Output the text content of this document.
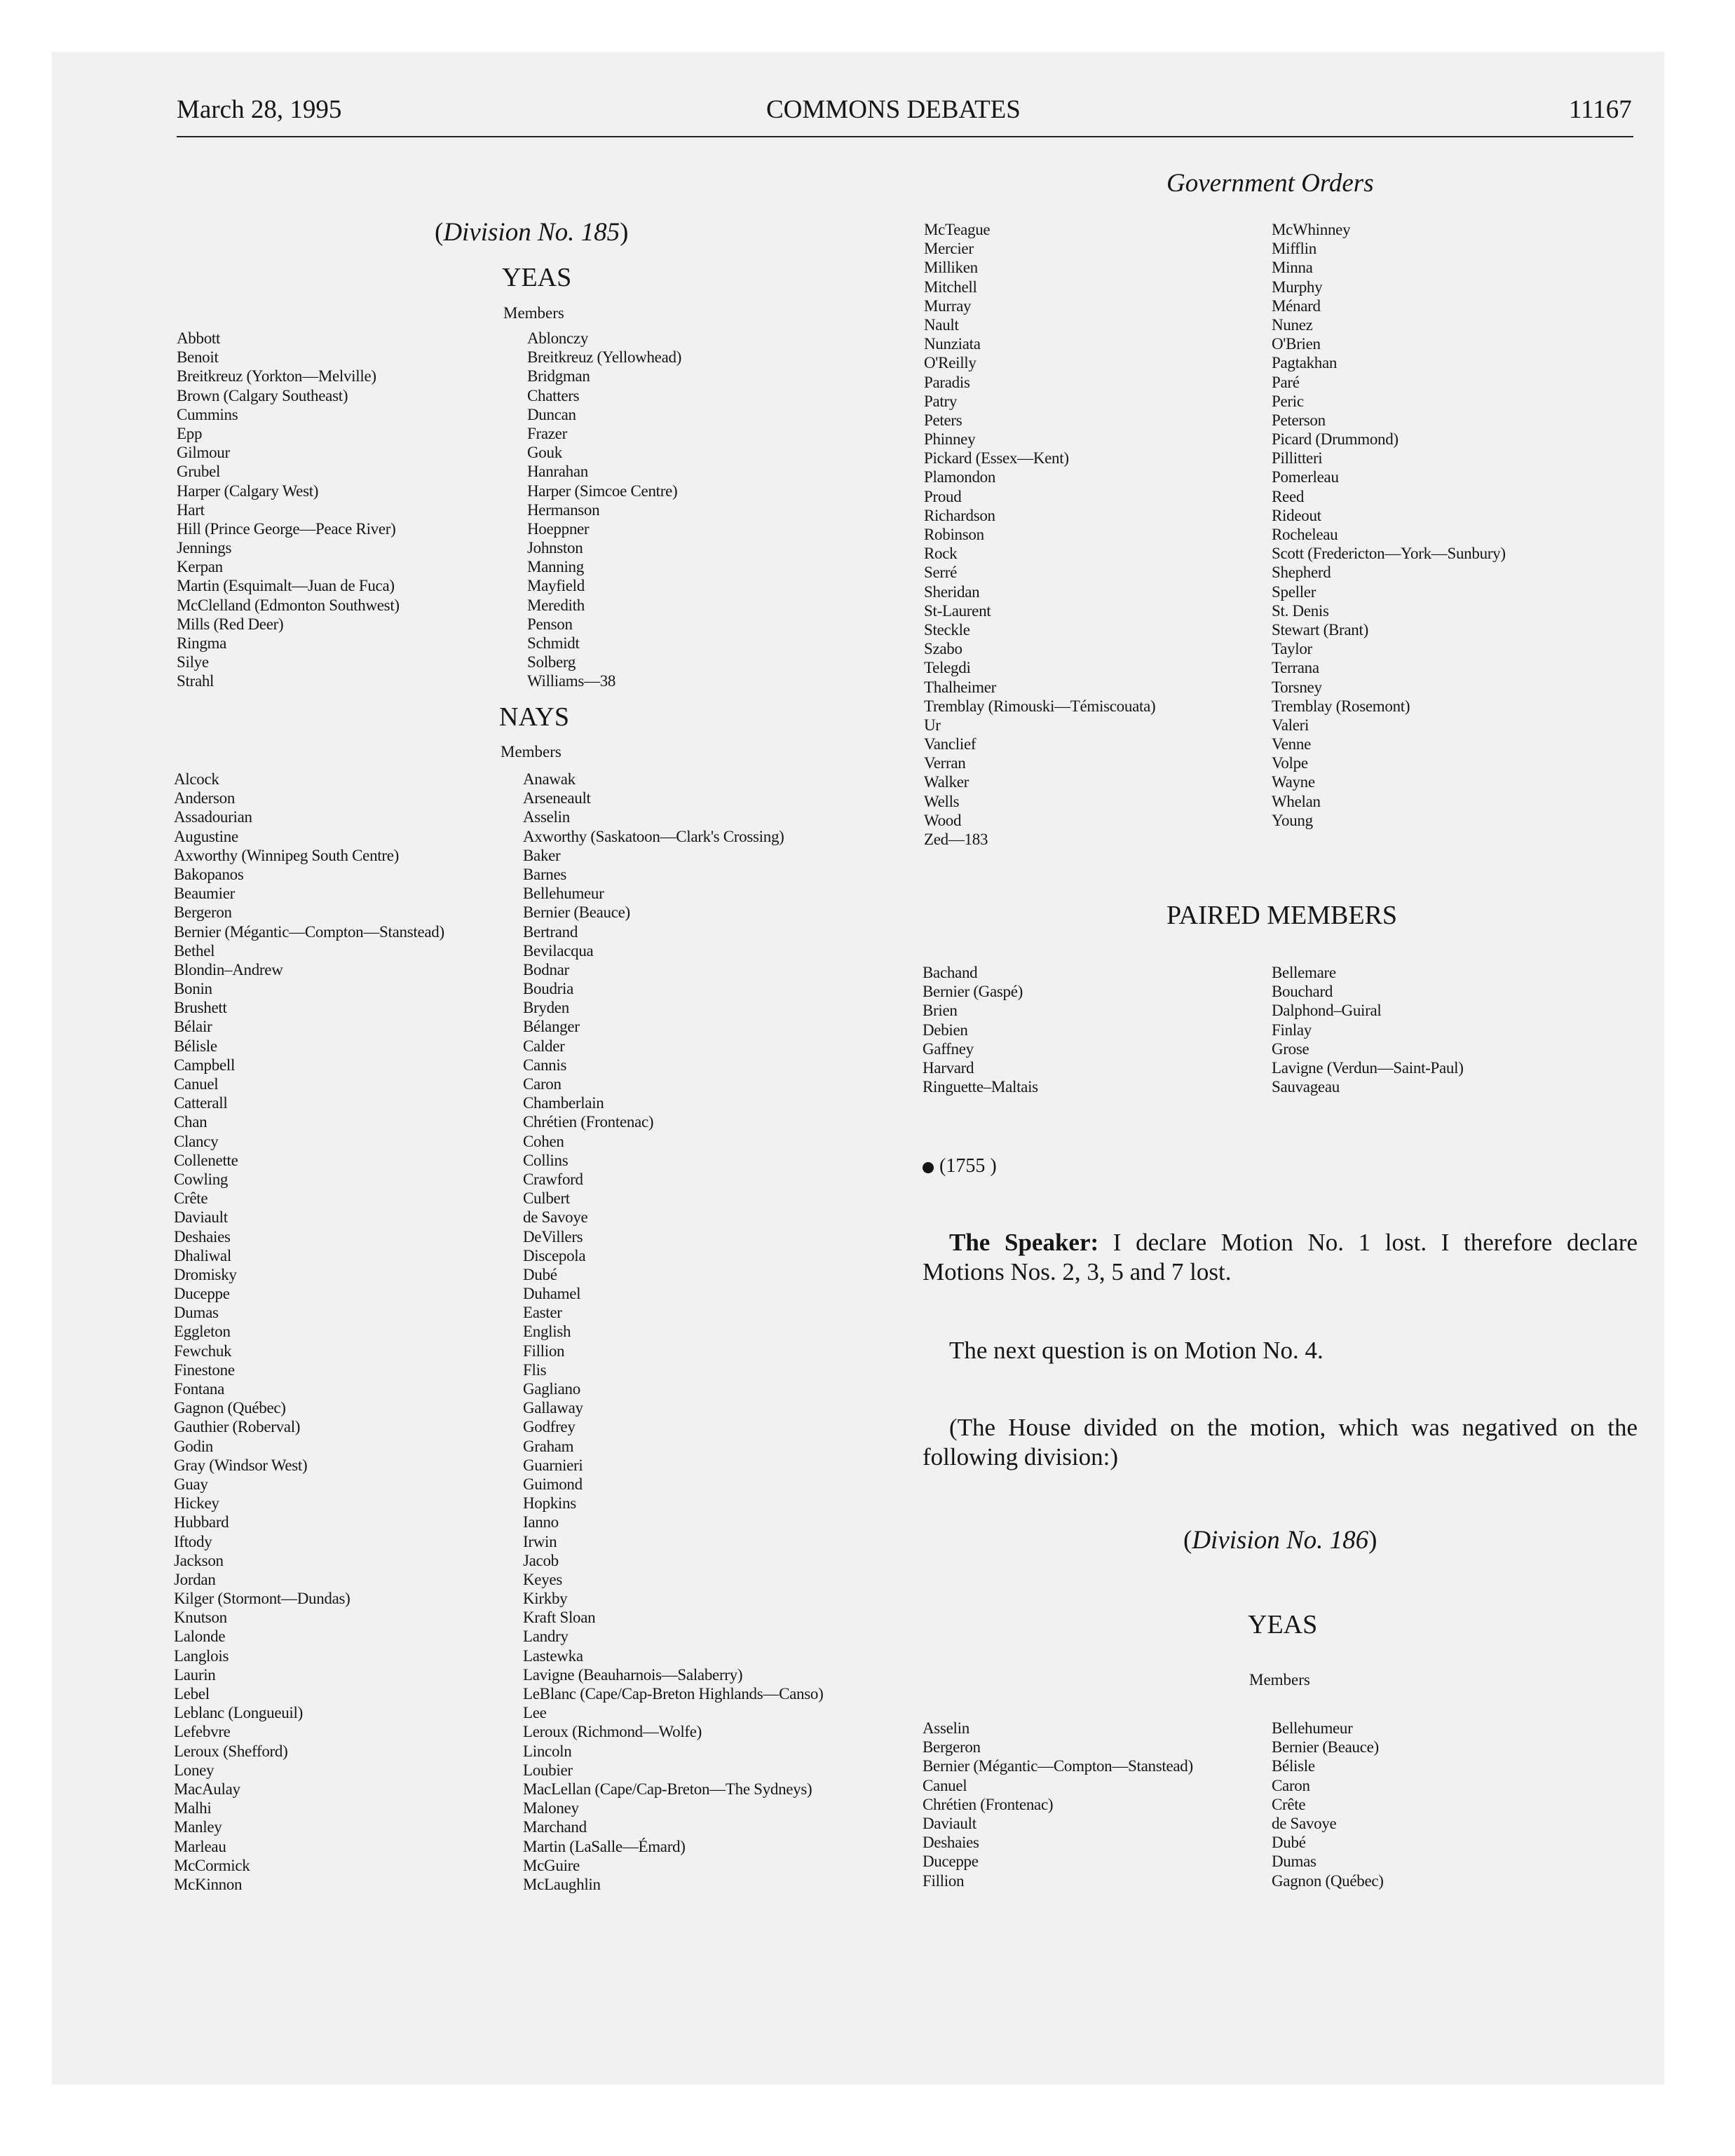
March 28, 1995	COMMONS DEBATES	11167
Government Orders
(Division No. 185)
YEAS
Members
Abbott
Benoit
Breitkreuz (Yorkton—Melville)
Brown (Calgary Southeast)
Cummins
Epp
Gilmour
Grubel
Harper (Calgary West)
Hart
Hill (Prince George—Peace River)
Jennings
Kerpan
Martin (Esquimalt—Juan de Fuca)
McClelland (Edmonton Southwest)
Mills (Red Deer)
Ringma
Silye
Strahl
Ablonczy
Breitkreuz (Yellowhead)
Bridgman
Chatters
Duncan
Frazer
Gouk
Hanrahan
Harper (Simcoe Centre)
Hermanson
Hoeppner
Johnston
Manning
Mayfield
Meredith
Penson
Schmidt
Solberg
Williams—38
NAYS
Members
Alcock
Anderson
Assadourian
Augustine
Axworthy (Winnipeg South Centre)
Bakopanos
Beaumier
Bergeron
Bernier (Mégantic—Compton—Stanstead)
Bethel
Blondin–Andrew
Bonin
Brushett
Bélair
Bélisle
Campbell
Canuel
Catterall
Chan
Clancy
Collenette
Cowling
Crête
Daviault
Deshaies
Dhaliwal
Dromisky
Duceppe
Dumas
Eggleton
Fewchuk
Finestone
Fontana
Gagnon (Québec)
Gauthier (Roberval)
Godin
Gray (Windsor West)
Guay
Hickey
Hubbard
Iftody
Jackson
Jordan
Kilger (Stormont—Dundas)
Knutson
Lalonde
Langlois
Laurin
Lebel
Leblanc (Longueuil)
Lefebvre
Leroux (Shefford)
Loney
MacAulay
Malhi
Manley
Marleau
McCormick
McKinnon
Anawak
Arseneault
Asselin
Axworthy (Saskatoon—Clark's Crossing)
Baker
Barnes
Bellehumeur
Bernier (Beauce)
Bertrand
Bevilacqua
Bodnar
Boudria
Bryden
Bélanger
Calder
Cannis
Caron
Chamberlain
Chrétien (Frontenac)
Cohen
Collins
Crawford
Culbert
de Savoye
DeVillers
Discepola
Dubé
Duhamel
Easter
English
Fillion
Flis
Gagliano
Gallaway
Godfrey
Graham
Guarnieri
Guimond
Hopkins
Ianno
Irwin
Jacob
Keyes
Kirkby
Kraft Sloan
Landry
Lastewka
Lavigne (Beauharnois—Salaberry)
LeBlanc (Cape/Cap-Breton Highlands—Canso)
Lee
Leroux (Richmond—Wolfe)
Lincoln
Loubier
MacLellan (Cape/Cap-Breton—The Sydneys)
Maloney
Marchand
Martin (LaSalle—Émard)
McGuire
McLaughlin
McTeague
Mercier
Milliken
Mitchell
Murray
Nault
Nunziata
O'Reilly
Paradis
Patry
Peters
Phinney
Pickard (Essex—Kent)
Plamondon
Proud
Richardson
Robinson
Rock
Serré
Sheridan
St-Laurent
Steckle
Szabo
Telegdi
Thalheimer
Tremblay (Rimouski—Témiscouata)
Ur
Vanclief
Verran
Walker
Wells
Wood
Zed—183
McWhinney
Mifflin
Minna
Murphy
Ménard
Nunez
O'Brien
Pagtakhan
Paré
Peric
Peterson
Picard (Drummond)
Pillitteri
Pomerleau
Reed
Rideout
Rocheleau
Scott (Fredericton—York—Sunbury)
Shepherd
Speller
St. Denis
Stewart (Brant)
Taylor
Terrana
Torsney
Tremblay (Rosemont)
Valeri
Venne
Volpe
Wayne
Whelan
Young
PAIRED MEMBERS
Bachand
Bernier (Gaspé)
Brien
Debien
Gaffney
Harvard
Ringuette–Maltais
Bellemare
Bouchard
Dalphond–Guiral
Finlay
Grose
Lavigne (Verdun—Saint-Paul)
Sauvageau
(1755 )
The Speaker: I declare Motion No. 1 lost. I therefore declare Motions Nos. 2, 3, 5 and 7 lost.
The next question is on Motion No. 4.
(The House divided on the motion, which was negatived on the following division:)
(Division No. 186)
YEAS
Members
Asselin
Bergeron
Bernier (Mégantic—Compton—Stanstead)
Canuel
Chrétien (Frontenac)
Daviault
Deshaies
Duceppe
Fillion
Bellehumeur
Bernier (Beauce)
Bélisle
Caron
Crête
de Savoye
Dubé
Dumas
Gagnon (Québec)
